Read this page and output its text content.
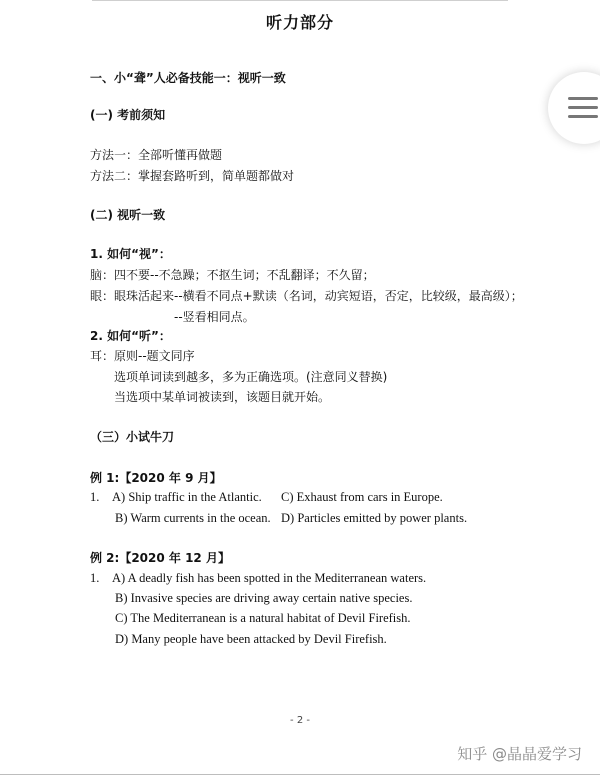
听力部分
一、小“聋”人必备技能一：视听一致
(一) 考前须知
方法一：全部听懂再做题
方法二：掌握套路听到，简单题都做对
(二) 视听一致
1. 如何“视”：
脑：四不要--不急躁；不抠生词；不乱翻译；不久留；
眼：眼珠活起来--横看不同点+默读（名词，动宾短语，否定，比较级，最高级）；
--竖看相同点。
2. 如何“听”：
耳：原则--题文同序
选项单词读到越多，多为正确选项。(注意同义替换)
当选项中某单词被读到，该题目就开始。
（三）小试牛刀
例 1:【2020 年 9 月】
1. A) Ship traffic in the Atlantic. C) Exhaust from cars in Europe.
B) Warm currents in the ocean. D) Particles emitted by power plants.
例 2:【2020 年 12 月】
1. A) A deadly fish has been spotted in the Mediterranean waters.
B) Invasive species are driving away certain native species.
C) The Mediterranean is a natural habitat of Devil Firefish.
D) Many people have been attacked by Devil Firefish.
- 2 -
知乎 @晶晶爱学习
